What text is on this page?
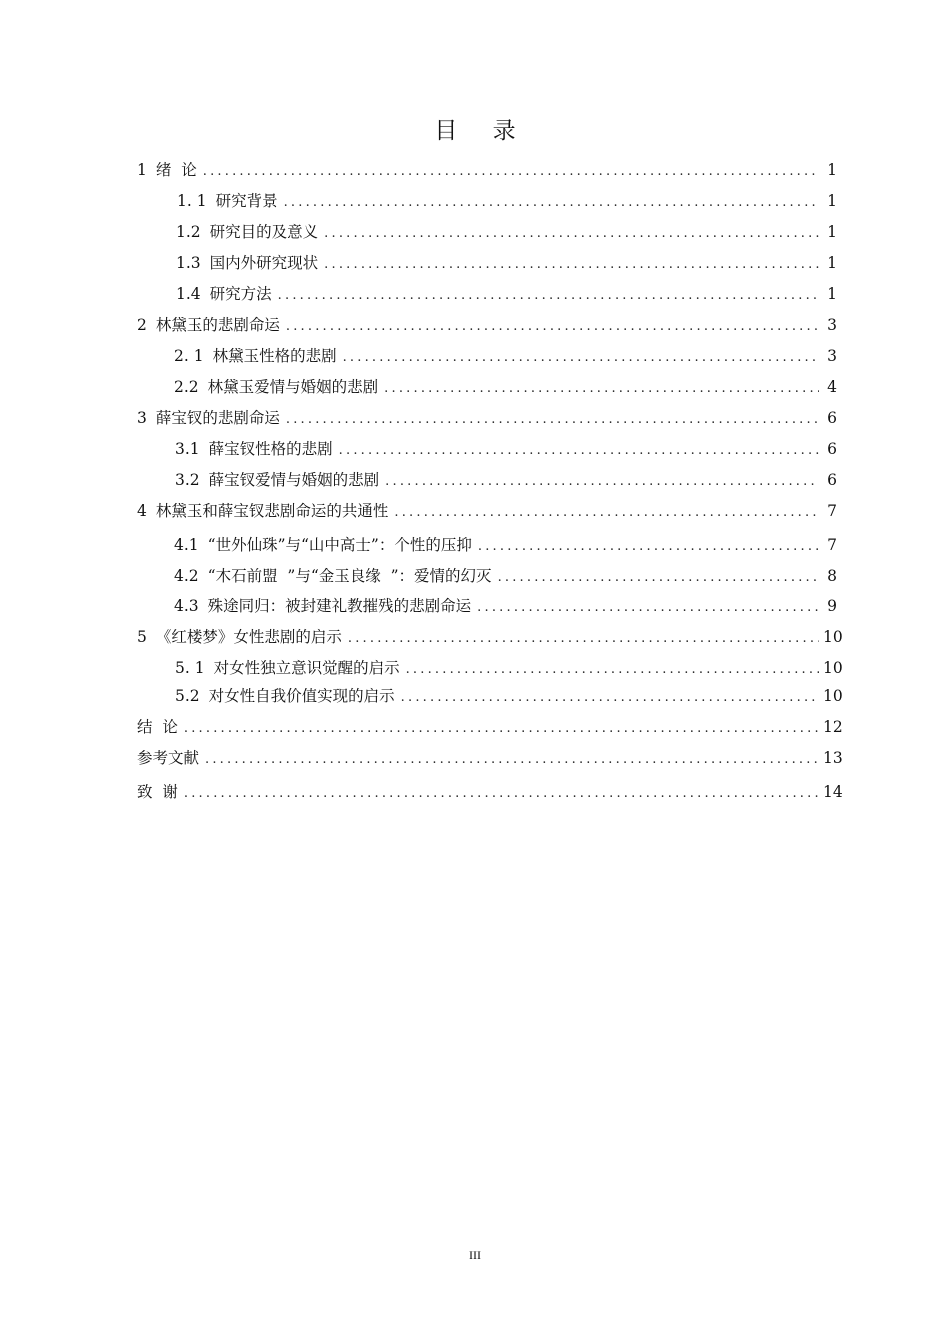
目 录
1 绪  论 .....	1
1. 1 研究背景 .....	1
1.2 研究目的及意义 .....	1
1.3 国内外研究现状 .....	1
1.4 研究方法 .....	1
2 林黛玉的悲剧命运 .....	3
2. 1 林黛玉性格的悲剧 .....	3
2.2 林黛玉爱情与婚姻的悲剧 .....	4
3 薛宝钗的悲剧命运 .....	6
3.1 薛宝钗性格的悲剧 .....	6
3.2 薛宝钗爱情与婚姻的悲剧 .....	6
4 林黛玉和薛宝钗悲剧命运的共通性 .....	7
4.1 “世外仙珠”与“山中高士”：个性的压抑 .....	7
4.2 “木石前盟  ”与“金玉良缘  ”：爱情的幻灭 .....	8
4.3 殊途同归：被封建礼教摧残的悲剧命运 .....	9
5 《红楼梦》女性悲剧的启示 .....	10
5. 1 对女性独立意识觉醒的启示 .....	10
5.2 对女性自我价值实现的启示 .....	10
结  论 .....	12
参考文献 .....	13
致  谢 .....	14
III
